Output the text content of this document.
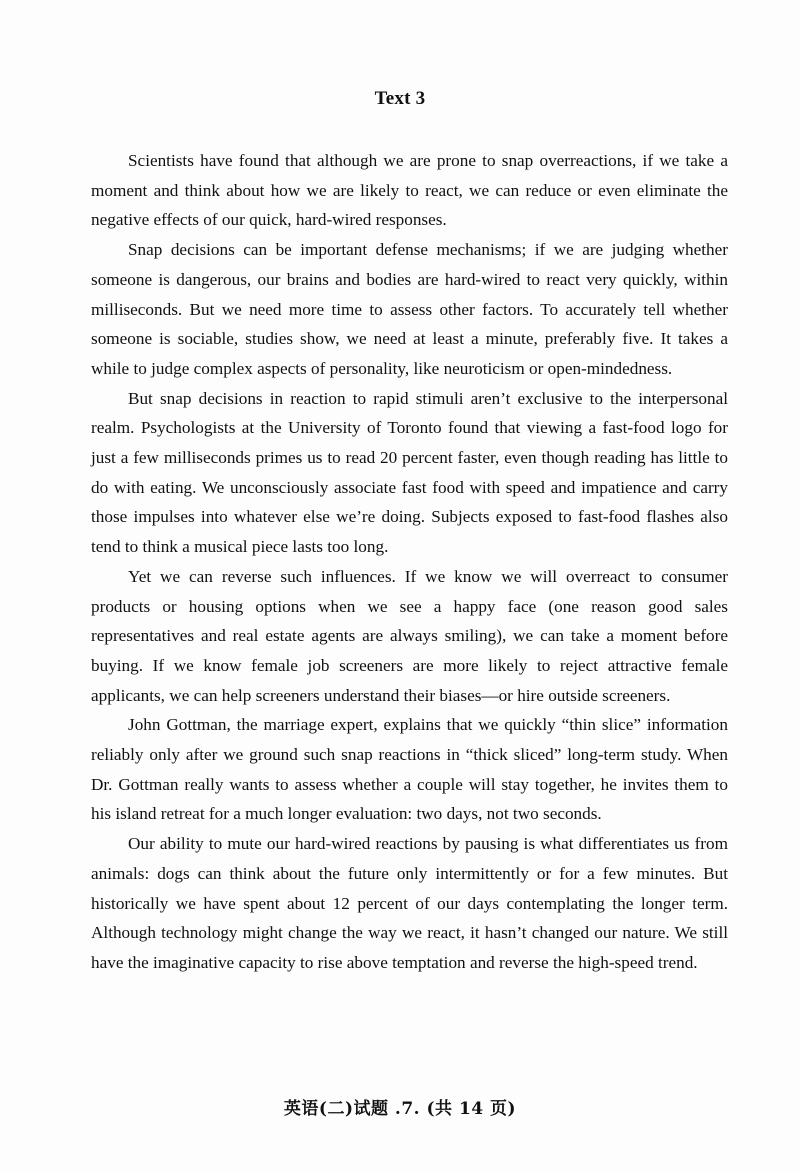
Text 3

Scientists have found that although we are prone to snap overreactions, if we take a moment and think about how we are likely to react, we can reduce or even eliminate the negative effects of our quick, hard-wired responses.

Snap decisions can be important defense mechanisms; if we are judging whether someone is dangerous, our brains and bodies are hard-wired to react very quickly, within milliseconds. But we need more time to assess other factors. To accurately tell whether someone is sociable, studies show, we need at least a minute, preferably five. It takes a while to judge complex aspects of personality, like neuroticism or open-mindedness.

But snap decisions in reaction to rapid stimuli aren’t exclusive to the interpersonal realm. Psychologists at the University of Toronto found that viewing a fast-food logo for just a few milliseconds primes us to read 20 percent faster, even though reading has little to do with eating. We unconsciously associate fast food with speed and impatience and carry those impulses into whatever else we’re doing. Subjects exposed to fast-food flashes also tend to think a musical piece lasts too long.

Yet we can reverse such influences. If we know we will overreact to consumer products or housing options when we see a happy face (one reason good sales representatives and real estate agents are always smiling), we can take a moment before buying. If we know female job screeners are more likely to reject attractive female applicants, we can help screeners understand their biases—or hire outside screeners.

John Gottman, the marriage expert, explains that we quickly “thin slice” information reliably only after we ground such snap reactions in “thick sliced” long-term study. When Dr. Gottman really wants to assess whether a couple will stay together, he invites them to his island retreat for a much longer evaluation: two days, not two seconds.

Our ability to mute our hard-wired reactions by pausing is what differentiates us from animals: dogs can think about the future only intermittently or for a few minutes. But historically we have spent about 12 percent of our days contemplating the longer term. Although technology might change the way we react, it hasn’t changed our nature. We still have the imaginative capacity to rise above temptation and reverse the high-speed trend.

英语(二)试题 .7. (共 14 页)
